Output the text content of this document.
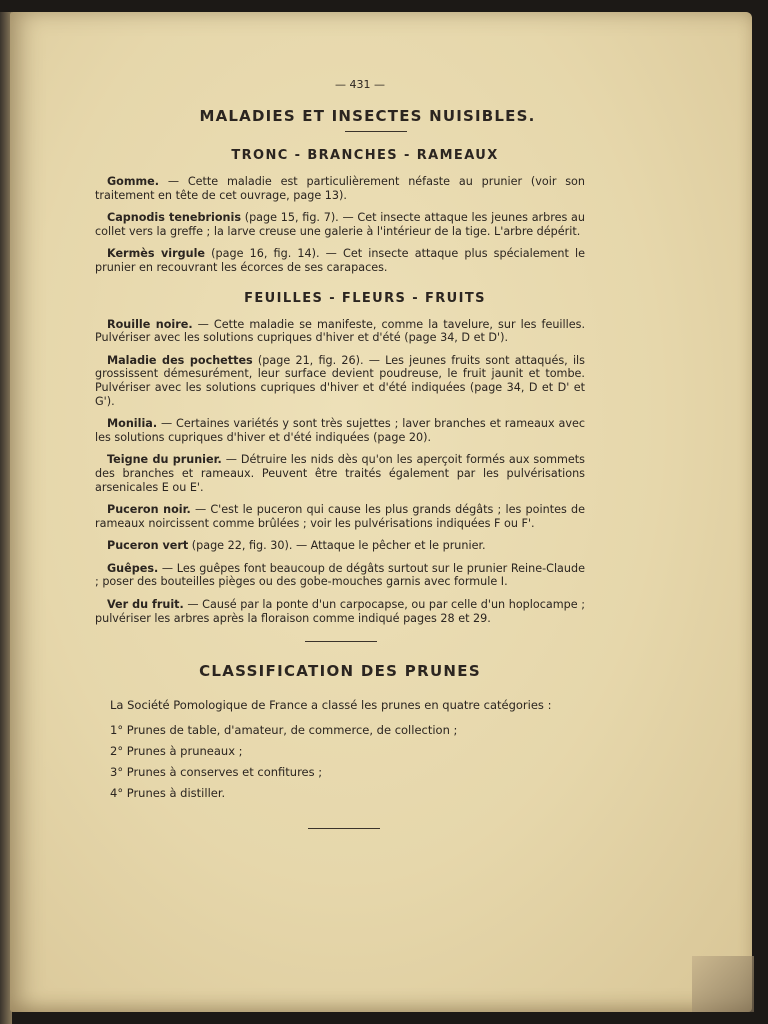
— 431 —
MALADIES ET INSECTES NUISIBLES.
TRONC - BRANCHES - RAMEAUX

Gomme. — Cette maladie est particulièrement néfaste au prunier (voir son traitement en tête de cet ouvrage, page 13).

Capnodis tenebrionis (page 15, fig. 7). — Cet insecte attaque les jeunes arbres au collet vers la greffe ; la larve creuse une galerie à l'intérieur de la tige. L'arbre dépérit.

Kermès virgule (page 16, fig. 14). — Cet insecte attaque plus spécialement le prunier en recouvrant les écorces de ses carapaces.

FEUILLES - FLEURS - FRUITS

Rouille noire. — Cette maladie se manifeste, comme la tavelure, sur les feuilles. Pulvériser avec les solutions cupriques d'hiver et d'été (page 34, D et D').

Maladie des pochettes (page 21, fig. 26). — Les jeunes fruits sont attaqués, ils grossissent démesurément, leur surface devient poudreuse, le fruit jaunit et tombe. Pulvériser avec les solutions cupriques d'hiver et d'été indiquées (page 34, D et D' et G').

Monilia. — Certaines variétés y sont très sujettes ; laver branches et rameaux avec les solutions cupriques d'hiver et d'été indiquées (page 20).

Teigne du prunier. — Détruire les nids dès qu'on les aperçoit formés aux sommets des branches et rameaux. Peuvent être traités également par les pulvérisations arsenicales E ou E'.

Puceron noir. — C'est le puceron qui cause les plus grands dégâts ; les pointes de rameaux noircissent comme brûlées ; voir les pulvérisations indiquées F ou F'.

Puceron vert (page 22, fig. 30). — Attaque le pêcher et le prunier.

Guêpes. — Les guêpes font beaucoup de dégâts surtout sur le prunier Reine-Claude ; poser des bouteilles pièges ou des gobe-mouches garnis avec formule I.

Ver du fruit. — Causé par la ponte d'un carpocapse, ou par celle d'un hoplocampe ; pulvériser les arbres après la floraison comme indiqué pages 28 et 29.

CLASSIFICATION DES PRUNES

La Société Pomologique de France a classé les prunes en quatre catégories :

1° Prunes de table, d'amateur, de commerce, de collection ;

2° Prunes à pruneaux ;

3° Prunes à conserves et confitures ;

4° Prunes à distiller.
